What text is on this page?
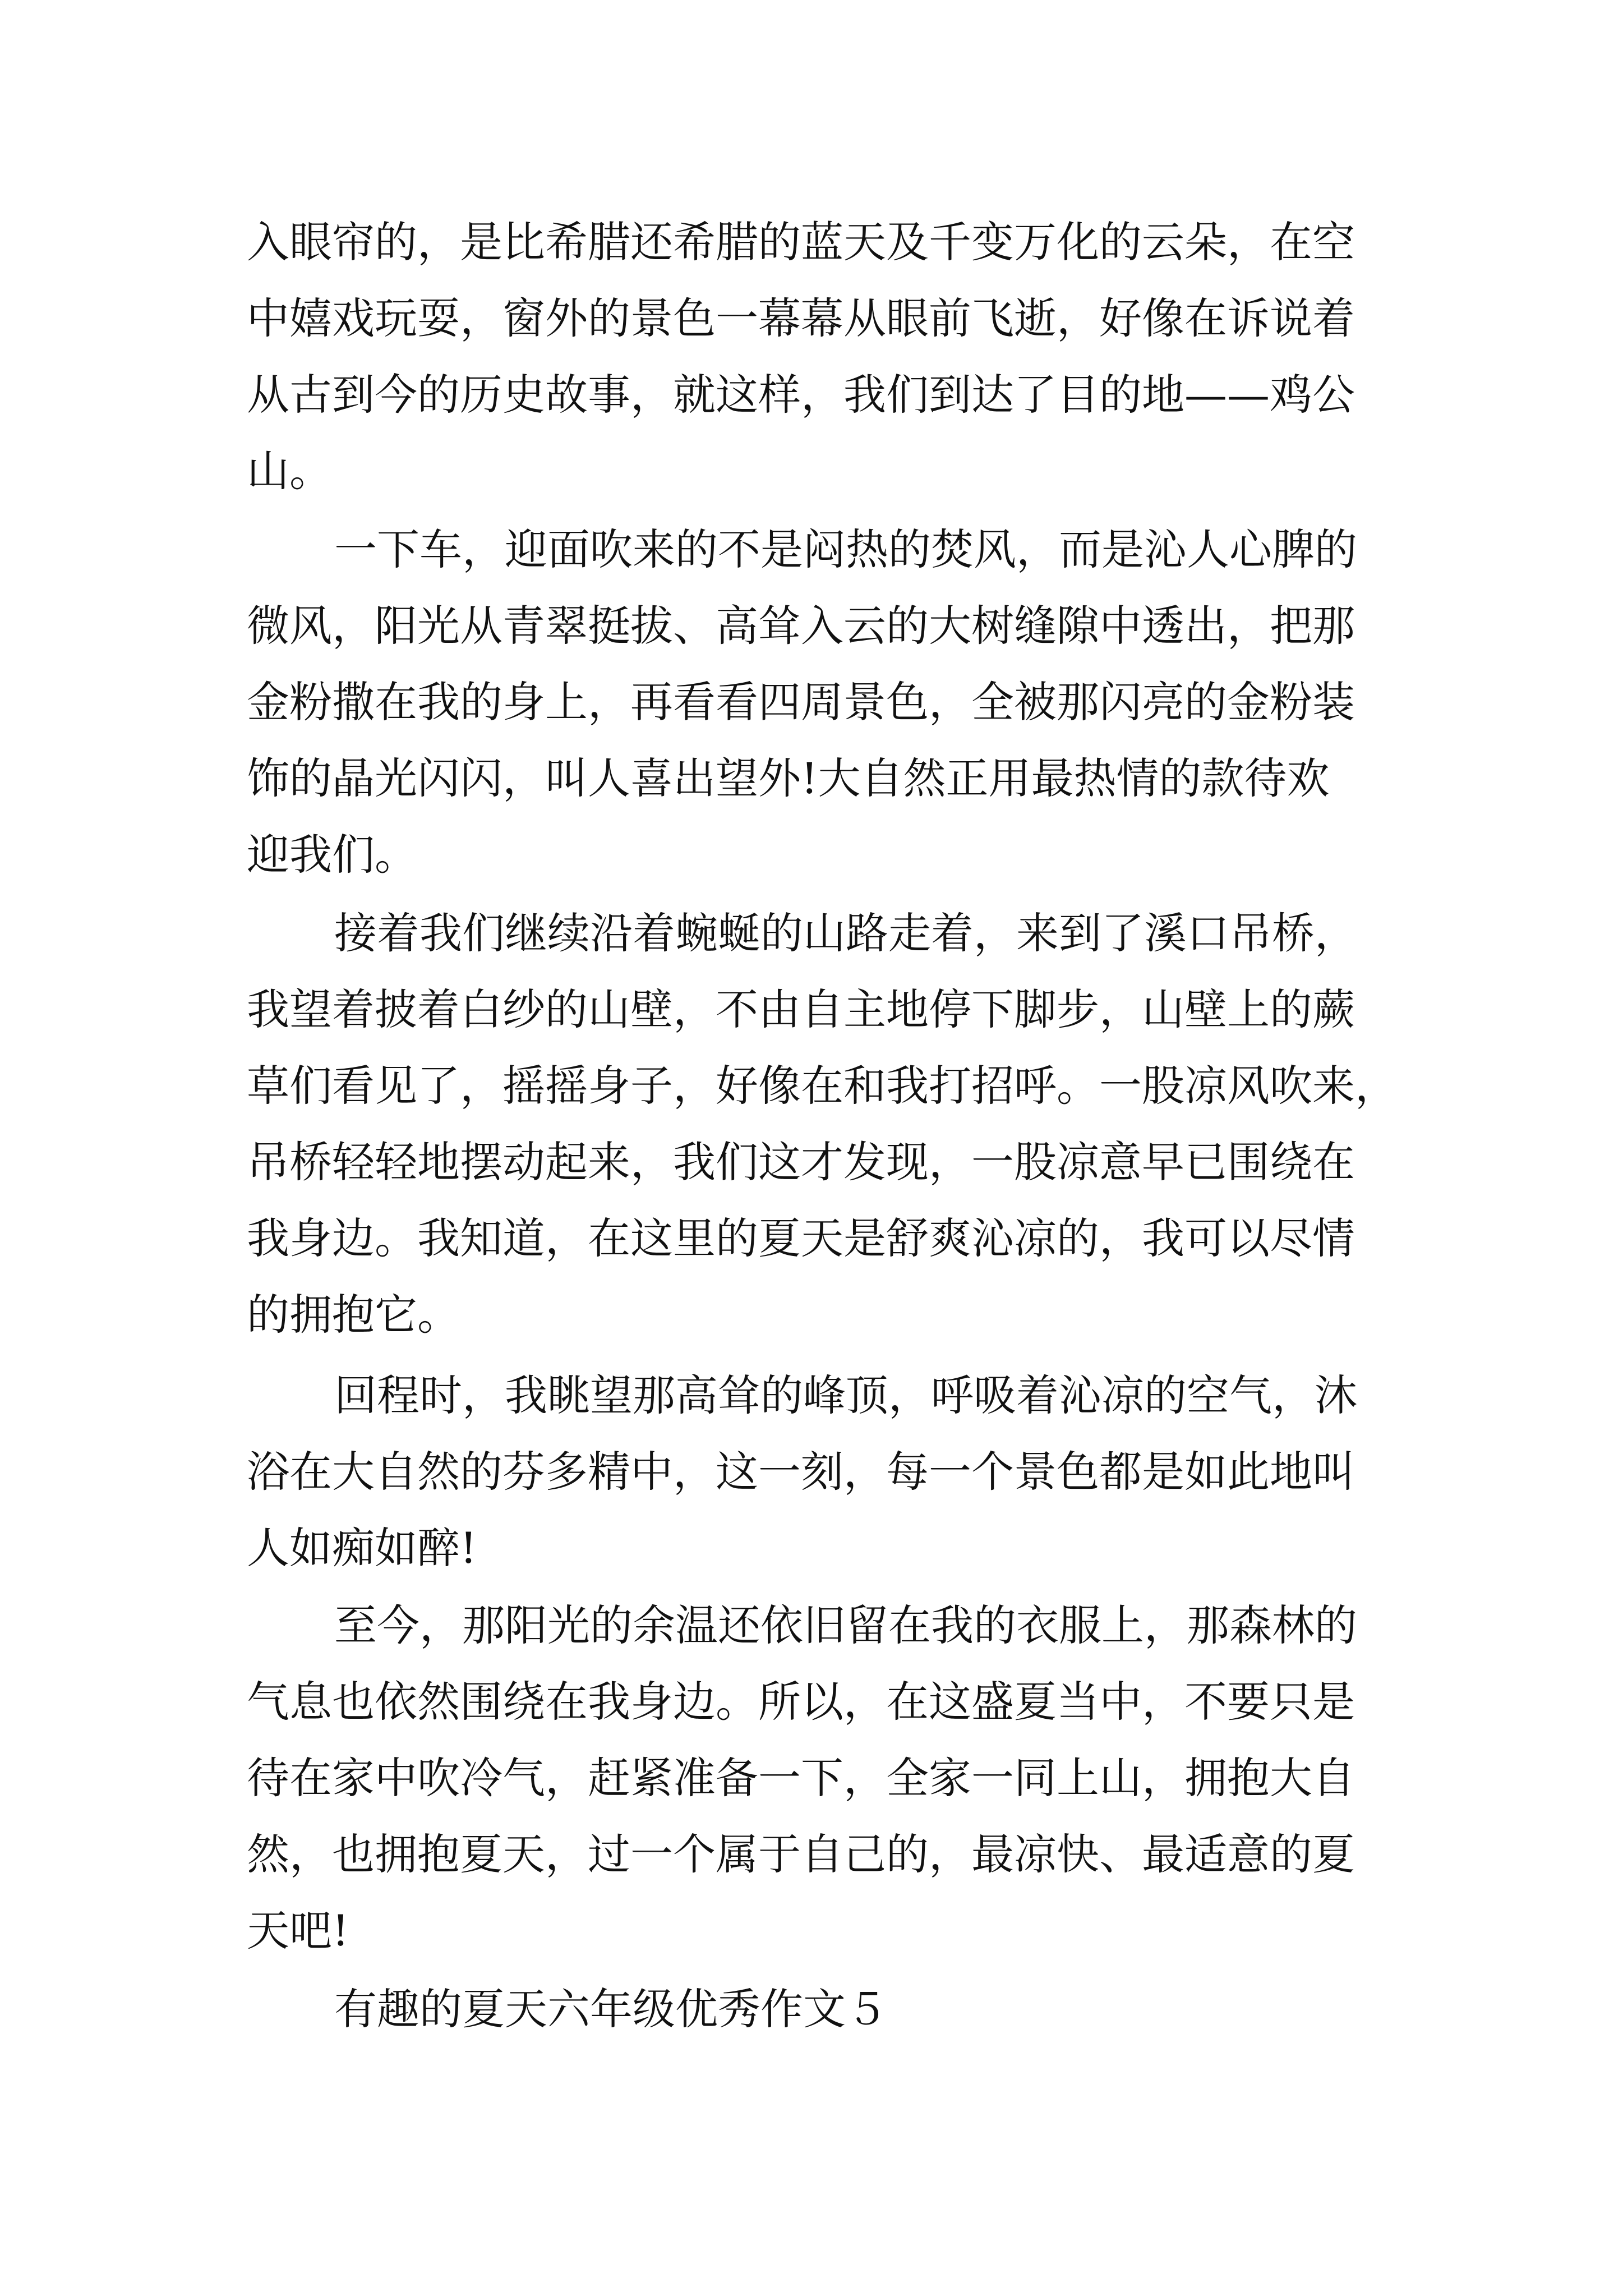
入眼帘的，是比希腊还希腊的蓝天及千变万化的云朵，在空

中嬉戏玩耍，窗外的景色一幕幕从眼前飞逝，好像在诉说着

从古到今的历史故事，就这样，我们到达了目的地——鸡公

山。

一下车，迎面吹来的不是闷热的焚风，而是沁人心脾的

微风，阳光从青翠挺拔、高耸入云的大树缝隙中透出，把那

金粉撒在我的身上，再看看四周景色，全被那闪亮的金粉装

饰的晶光闪闪，叫人喜出望外!大自然正用最热情的款待欢

迎我们。

接着我们继续沿着蜿蜒的山路走着，来到了溪口吊桥，

我望着披着白纱的山壁，不由自主地停下脚步，山壁上的蕨

草们看见了，摇摇身子，好像在和我打招呼。一股凉风吹来，

吊桥轻轻地摆动起来，我们这才发现，一股凉意早已围绕在

我身边。我知道，在这里的夏天是舒爽沁凉的，我可以尽情

的拥抱它。

回程时，我眺望那高耸的峰顶，呼吸着沁凉的空气，沐

浴在大自然的芬多精中，这一刻，每一个景色都是如此地叫

人如痴如醉!

至今，那阳光的余温还依旧留在我的衣服上，那森林的

气息也依然围绕在我身边。所以，在这盛夏当中，不要只是

待在家中吹冷气，赶紧准备一下，全家一同上山，拥抱大自

然，也拥抱夏天，过一个属于自己的，最凉快、最适意的夏

天吧!

有趣的夏天六年级优秀作文５
